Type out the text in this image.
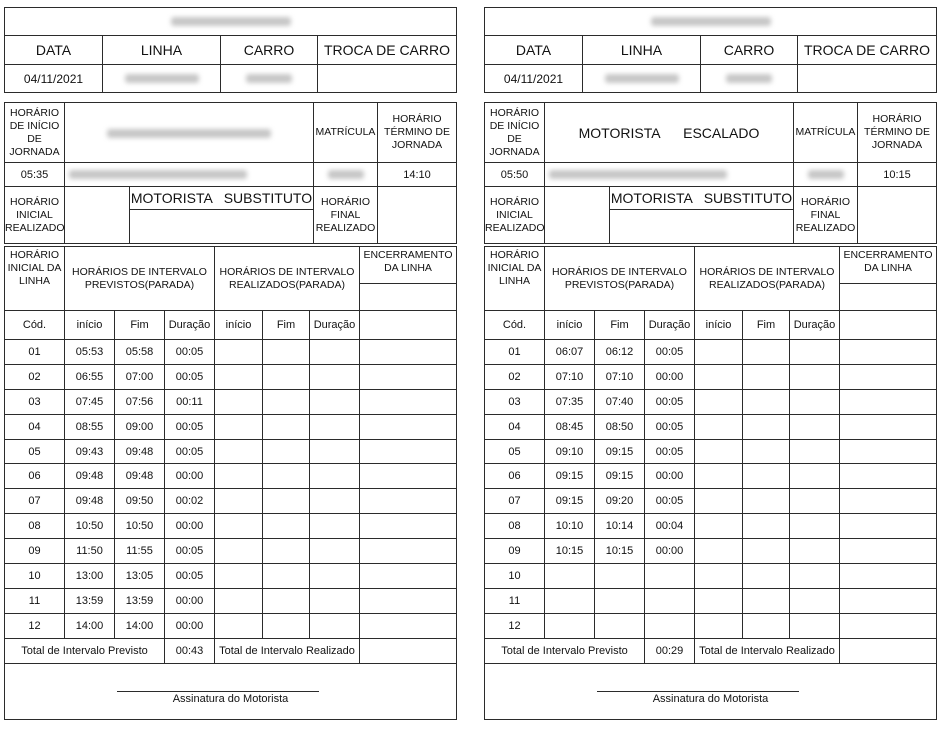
DATA	LINHA	CARRO	TROCA DE CARRO
04/11/2021			
HORÁRIO DE INÍCIO DE JORNADA			MATRÍCULA	HORÁRIO TÉRMINO DE JORNADA
05:35				14:10
HORÁRIO INICIAL REALIZADO		MOTORISTA   SUBSTITUTO	HORÁRIO FINAL REALIZADO	
HORÁRIO INICIAL DA LINHA	HORÁRIOS DE INTERVALO PREVISTOS(PARADA)			HORÁRIOS DE INTERVALO REALIZADOS(PARADA)			ENCERRAMENTO DA LINHA

Cód.	início	Fim	Duração	início	Fim	Duração	
01	05:53	05:58	00:05				
02	06:55	07:00	00:05				
03	07:45	07:56	00:11				
04	08:55	09:00	00:05				
05	09:43	09:48	00:05				
06	09:48	09:48	00:00				
07	09:48	09:50	00:02				
08	10:50	10:50	00:00				
09	11:50	11:55	00:05				
10	13:00	13:05	00:05				
11	13:59	13:59	00:00				
12	14:00	14:00	00:00				
Total de Intervalo Previsto			00:43	Total de Intervalo Realizado			

Assinatura do Motorista							

DATA	LINHA	CARRO	TROCA DE CARRO
04/11/2021			
HORÁRIO DE INÍCIO DE JORNADA	MOTORISTA      ESCALADO		MATRÍCULA	HORÁRIO TÉRMINO DE JORNADA
05:50				10:15
HORÁRIO INICIAL REALIZADO		MOTORISTA   SUBSTITUTO	HORÁRIO FINAL REALIZADO	
HORÁRIO INICIAL DA LINHA	HORÁRIOS DE INTERVALO PREVISTOS(PARADA)			HORÁRIOS DE INTERVALO REALIZADOS(PARADA)			ENCERRAMENTO DA LINHA

Cód.	início	Fim	Duração	início	Fim	Duração	
01	06:07	06:12	00:05				
02	07:10	07:10	00:00				
03	07:35	07:40	00:05				
04	08:45	08:50	00:05				
05	09:10	09:15	00:05				
06	09:15	09:15	00:00				
07	09:15	09:20	00:05				
08	10:10	10:14	00:04				
09	10:15	10:15	00:00				
10							
11							
12							
Total de Intervalo Previsto			00:29	Total de Intervalo Realizado			

Assinatura do Motorista							
